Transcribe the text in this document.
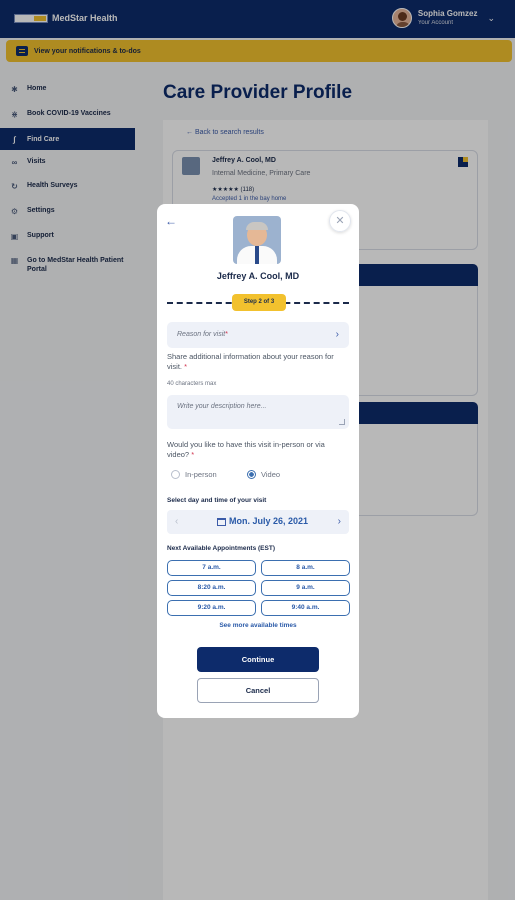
MedStar Health	Sophia Gomzez
Your Account
⌄
View your notifications & to-dos
✱ Home
⋇ Book COVID-19 Vaccines
∫	Find Care
∞ Visits
↻ Health Surveys
⚙ Settings
▣ Support
▦ Go to MedStar Health Patient Portal
Care Provider Profile
← Back to search results
Jeffrey A. Cool, MD
Internal Medicine, Primary Care
★★★★★ (118)
Accepted 1 in the bay home
←	✕
Jeffrey A. Cool, MD
Step 2 of 3
Reason for visit*	›
Share additional information about your reason for visit. *
40 characters max
Write your description here...
Would you like to have this visit in-person or via video? *
In-person	Video
Select day and time of your visit
‹	Mon. July 26, 2021	›
Next Available Appointments (EST)
7 a.m.	8 a.m.
8:20 a.m.	9 a.m.
9:20 a.m.	9:40 a.m.
See more available times
Continue
Cancel
